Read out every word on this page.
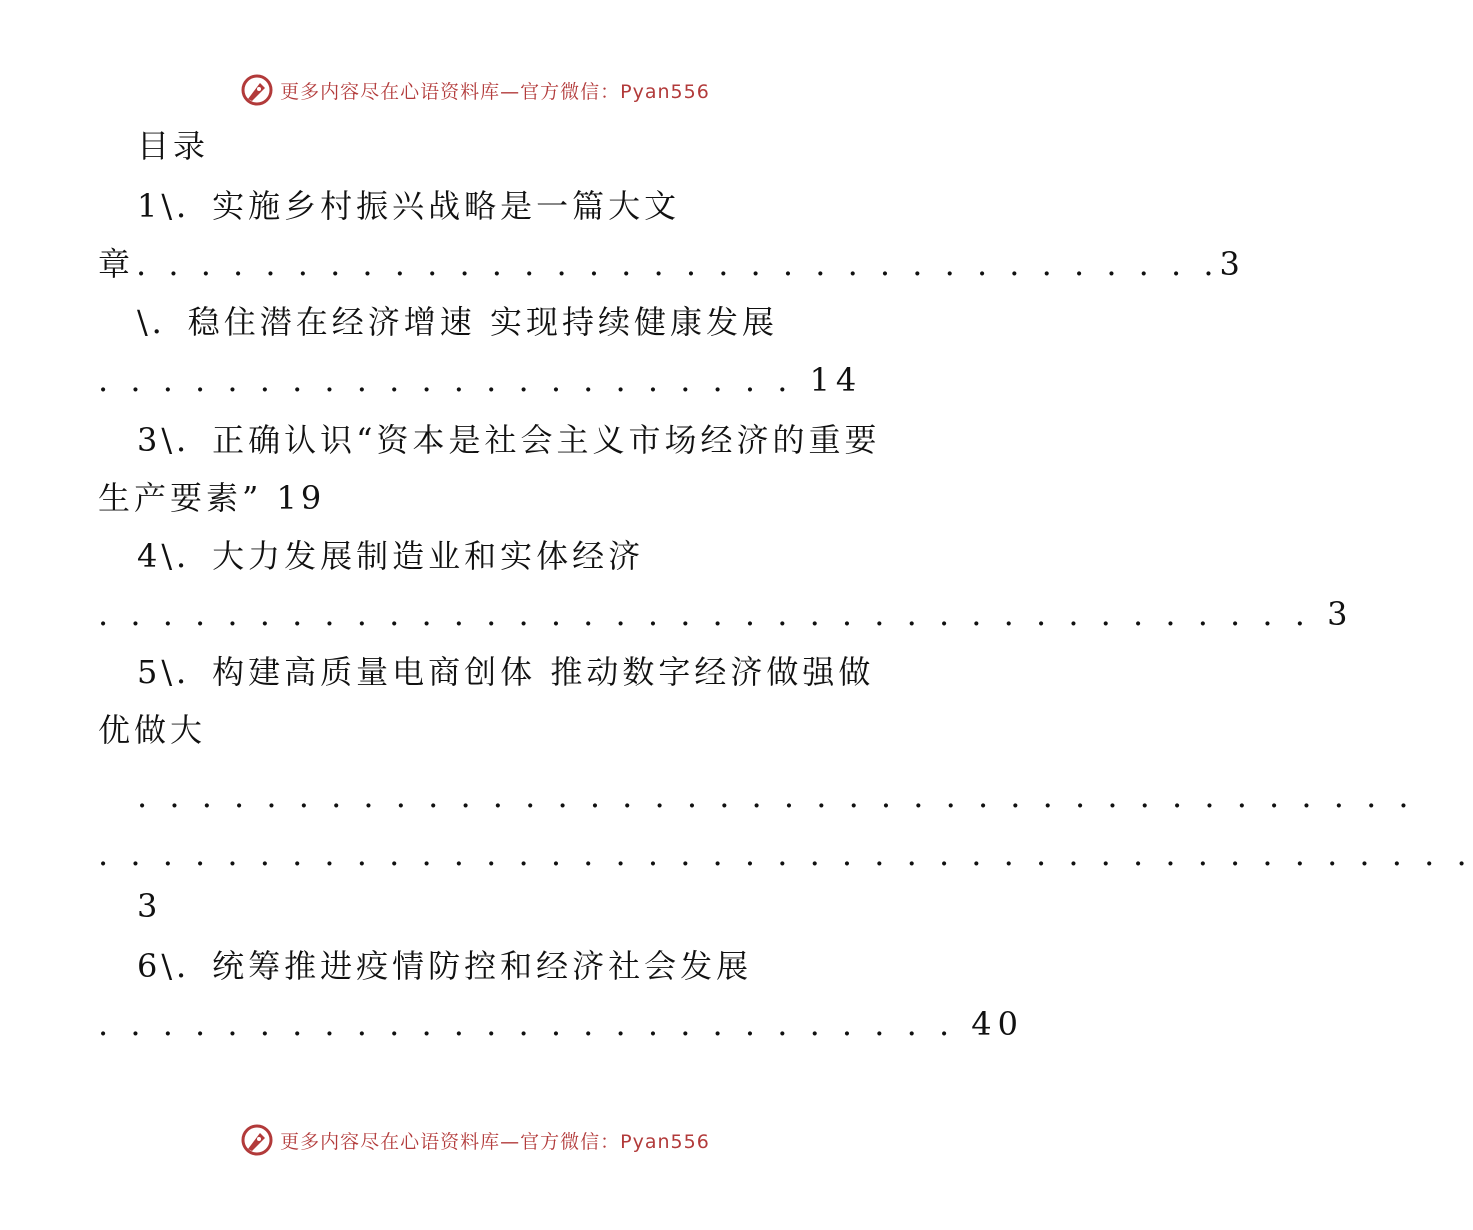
更多内容尽在心语资料库—官方微信：Pyan556
目录
1\．实施乡村振兴战略是一篇大文
章. . . . . . . . . . . . . . . . . . . . . . . . . . . . . . . . . .3
\．稳住潜在经济增速 实现持续健康发展
. . . . . . . . . . . . . . . . . . . . . . 14
3\．正确认识“资本是社会主义市场经济的重要
生产要素” 19
4\．大力发展制造业和实体经济
. . . . . . . . . . . . . . . . . . . . . . . . . . . . . . . . . . . . . . 3
5\．构建高质量电商创体 推动数字经济做强做
优做大
. . . . . . . . . . . . . . . . . . . . . . . . . . . . . . . . . . . . . . . .
. . . . . . . . . . . . . . . . . . . . . . . . . . . . . . . . . . . . . . . . . . .
3
6\．统筹推进疫情防控和经济社会发展
. . . . . . . . . . . . . . . . . . . . . . . . . . . 40
更多内容尽在心语资料库—官方微信：Pyan556
